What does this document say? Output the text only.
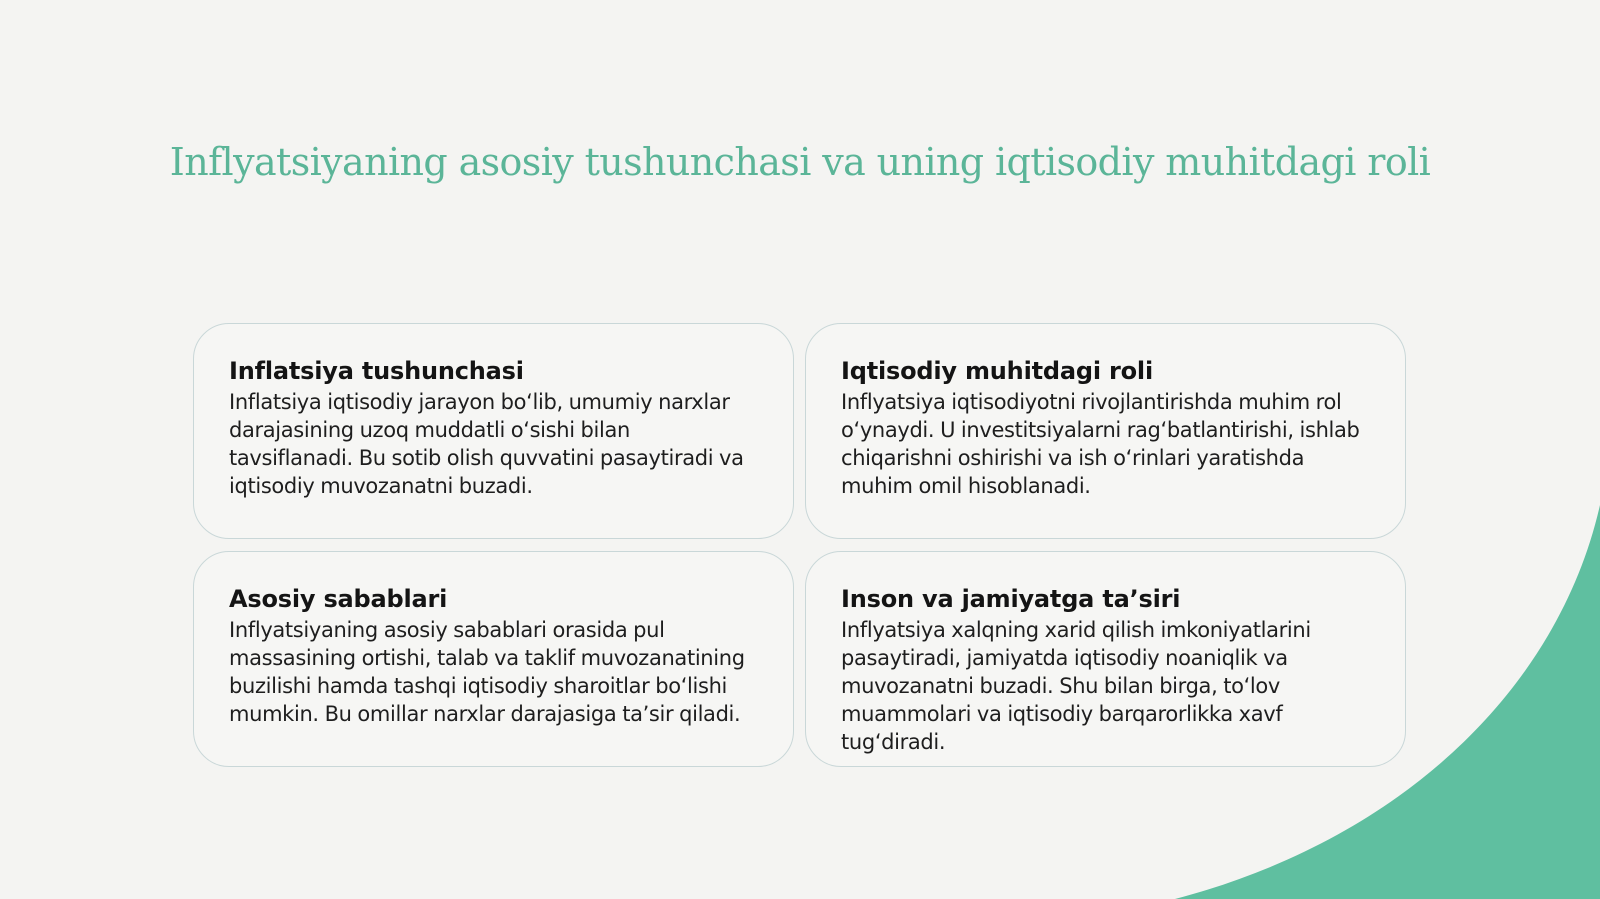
Inflyatsiyaning asosiy tushunchasi va uning iqtisodiy muhitdagi roli

Inflatsiya tushunchasi

Inflatsiya iqtisodiy jarayon boʻlib, umumiy narxlar darajasining uzoq muddatli oʻsishi bilan tavsiflanadi. Bu sotib olish quvvatini pasaytiradi va iqtisodiy muvozanatni buzadi.

Iqtisodiy muhitdagi roli

Inflyatsiya iqtisodiyotni rivojlantirishda muhim rol oʻynaydi. U investitsiyalarni ragʻbatlantirishi, ishlab chiqarishni oshirishi va ish oʻrinlari yaratishda muhim omil hisoblanadi.

Asosiy sabablari

Inflyatsiyaning asosiy sabablari orasida pul massasining ortishi, talab va taklif muvozanatining buzilishi hamda tashqi iqtisodiy sharoitlar boʻlishi mumkin. Bu omillar narxlar darajasiga taʼsir qiladi.

Inson va jamiyatga taʼsiri

Inflyatsiya xalqning xarid qilish imkoniyatlarini pasaytiradi, jamiyatda iqtisodiy noaniqlik va muvozanatni buzadi. Shu bilan birga, toʻlov muammolari va iqtisodiy barqarorlikka xavf tugʻdiradi.
